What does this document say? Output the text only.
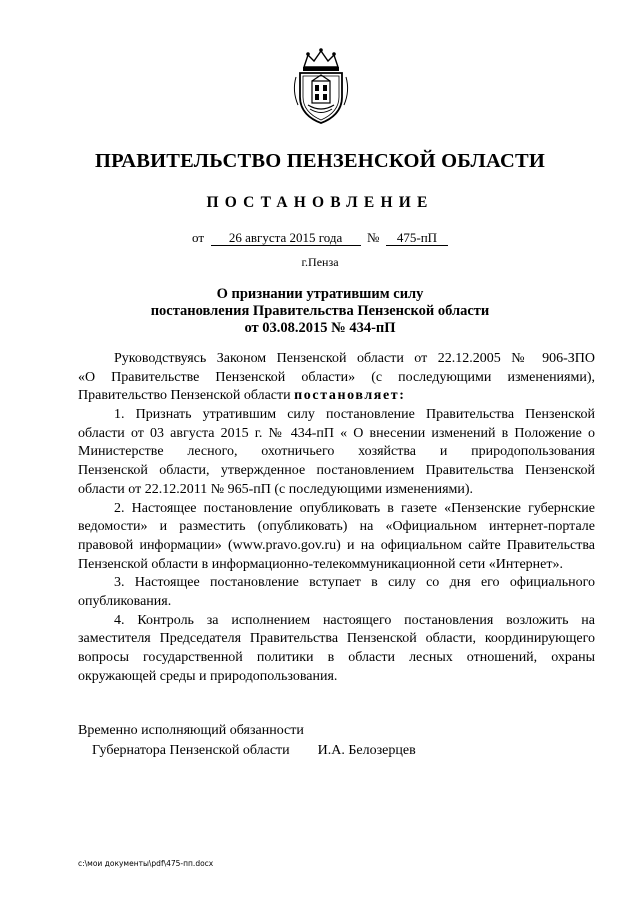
ПРАВИТЕЛЬСТВО ПЕНЗЕНСКОЙ ОБЛАСТИ
ПОСТАНОВЛЕНИЕ
от 26 августа 2015 года № 475-пП
г.Пенза
О признании утратившим силу
постановления Правительства Пензенской области
от 03.08.2015 № 434-пП
Руководствуясь Законом Пензенской области от 22.12.2005 № 906-ЗПО
«О Правительстве Пензенской области» (с последующими изменениями),
Правительство Пензенской области постановляет:
1. Признать утратившим силу постановление Правительства Пензенской
области от 03 августа 2015 г. № 434-пП « О внесении изменений в Положение о
Министерстве лесного, охотничьего хозяйства и природопользования
Пензенской области, утвержденное постановлением Правительства Пензенской
области от 22.12.2011 № 965-пП (с последующими изменениями).
2. Настоящее постановление опубликовать в газете «Пензенские губернские
ведомости» и разместить (опубликовать) на «Официальном интернет-портале
правовой информации» (www.pravo.gov.ru) и на официальном сайте Правительства
Пензенской области в информационно-телекоммуникационной сети «Интернет».
3. Настоящее постановление вступает в силу со дня его официального
опубликования.
4. Контроль за исполнением настоящего постановления возложить на
заместителя Председателя Правительства Пензенской области, координирующего
вопросы государственной политики в области лесных отношений, охраны
окружающей среды и природопользования.
Временно исполняющий обязанности
Губернатора Пензенской области И.А. Белозерцев
c:\мои документы\pdf\475-пп.docx
